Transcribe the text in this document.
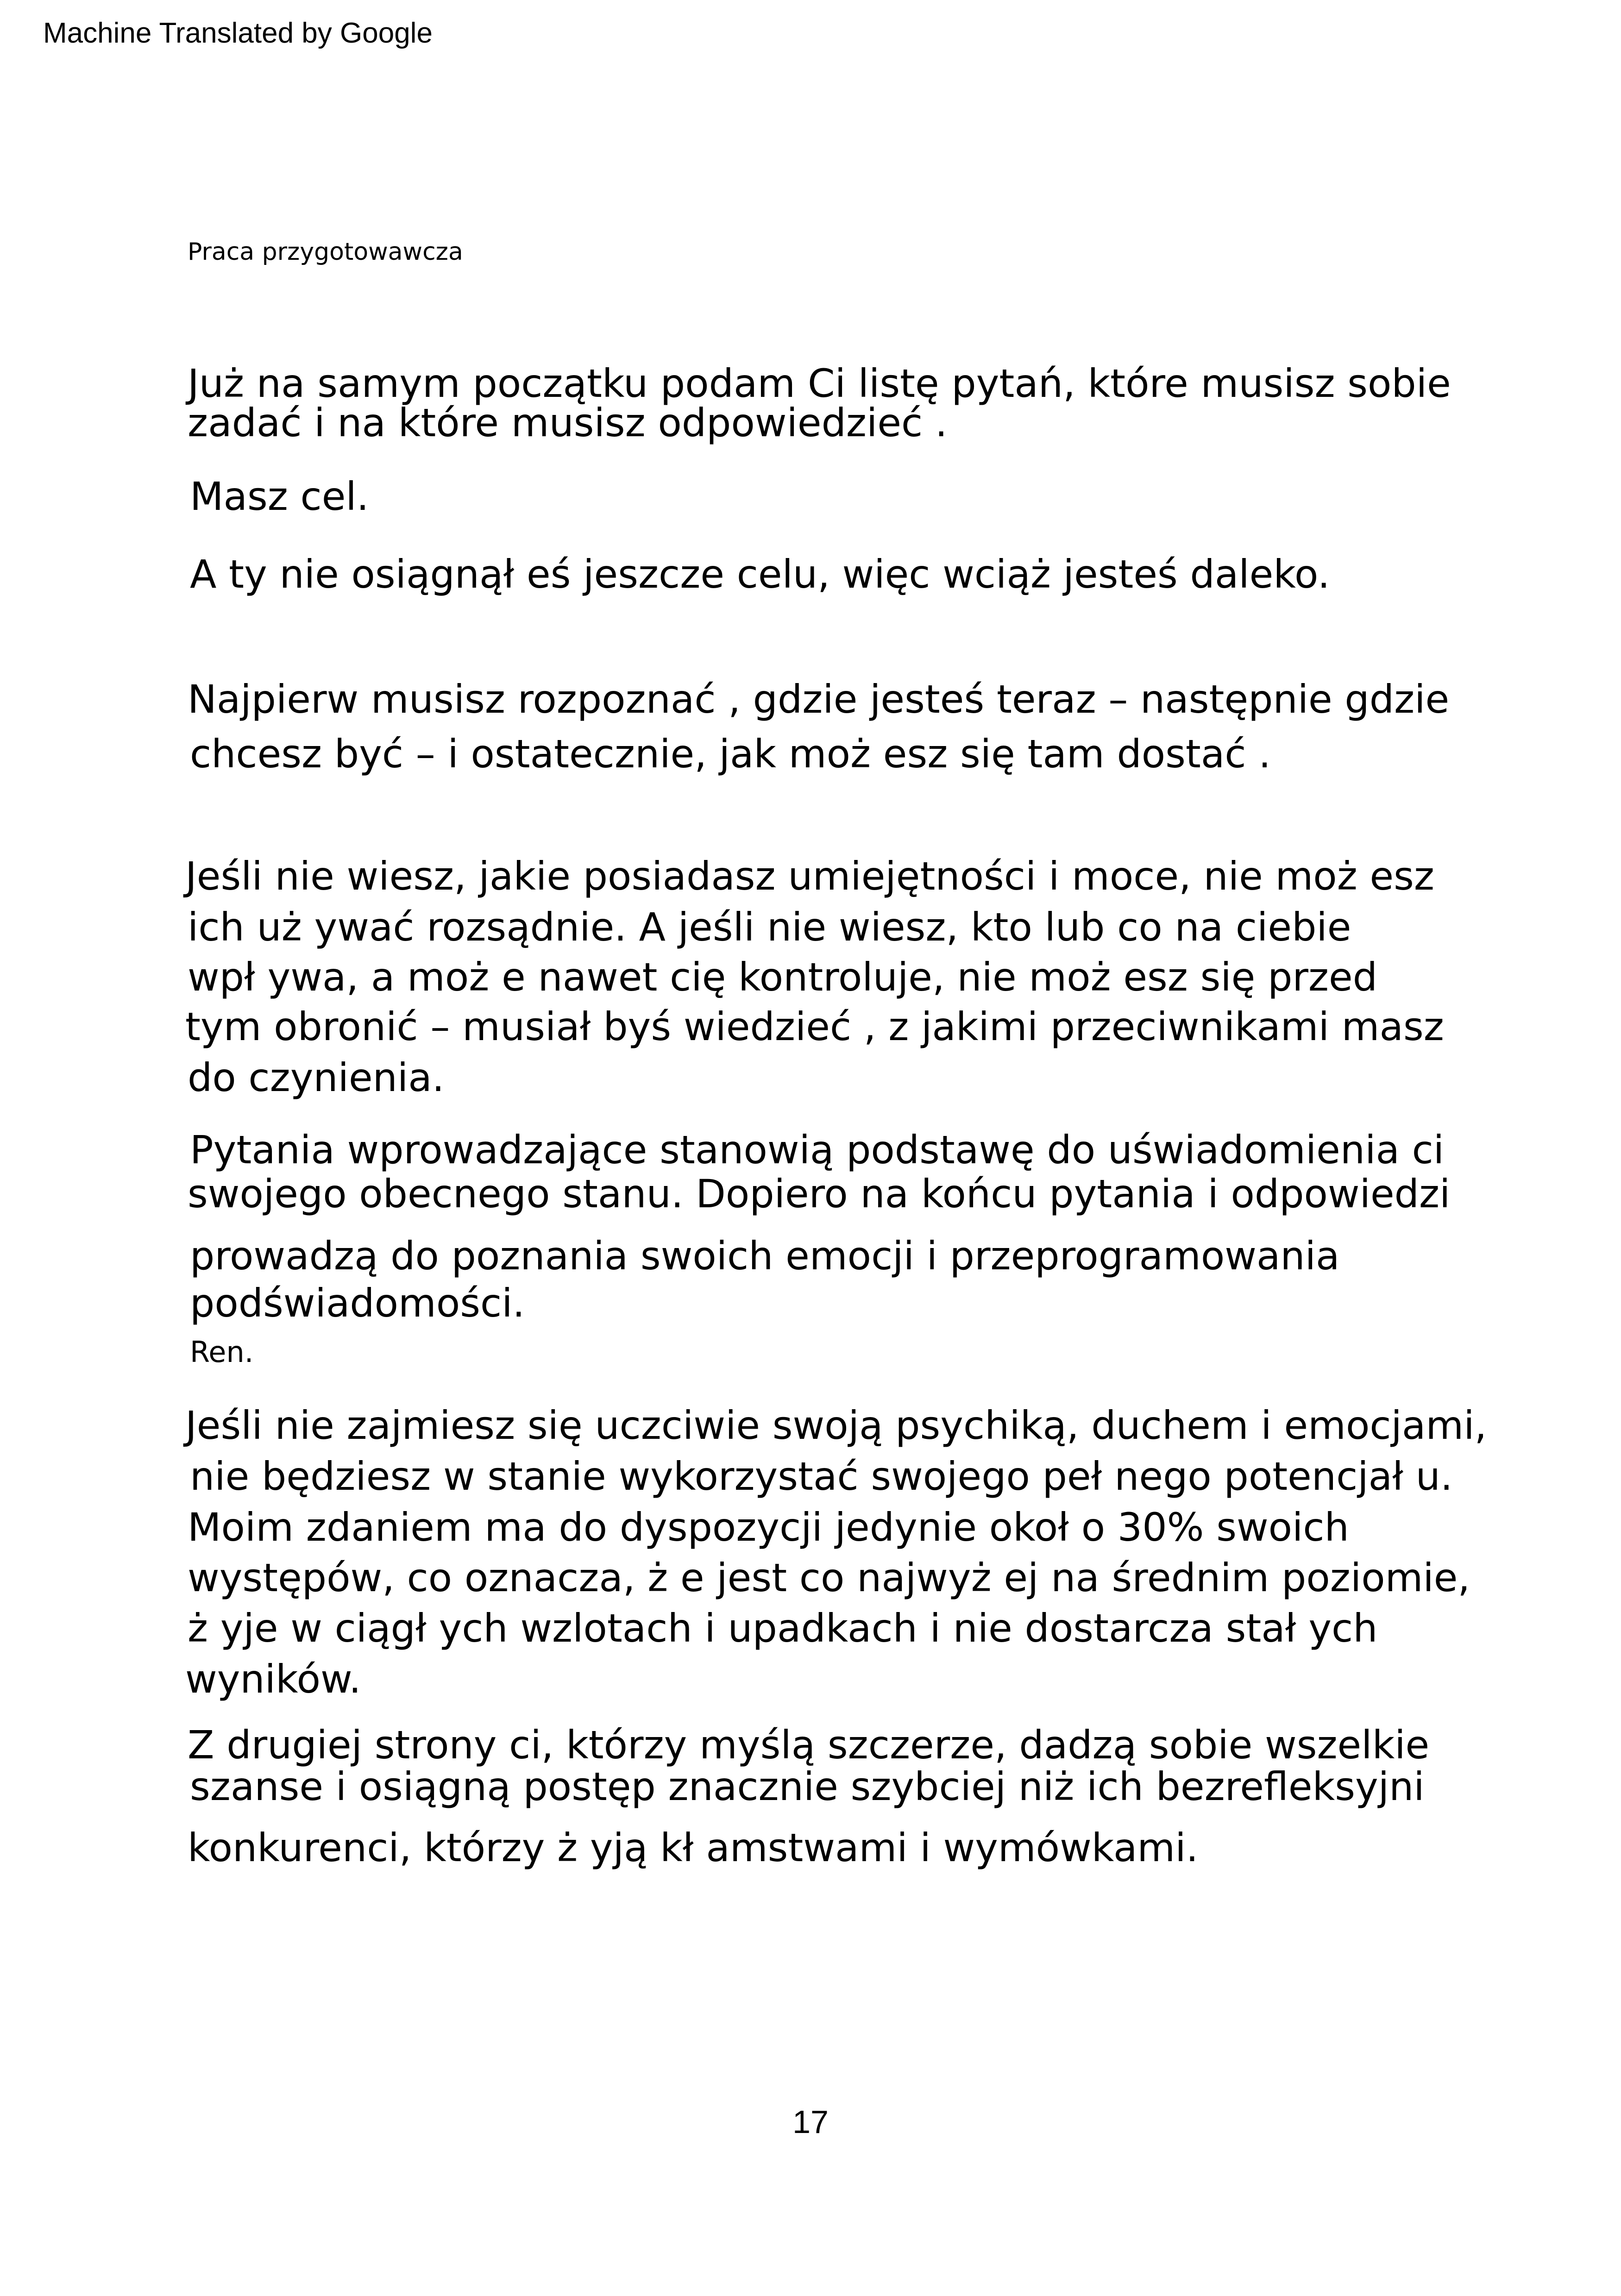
Machine Translated by Google
Praca przygotowawcza
Już na samym początku podam Ci listę pytań, które musisz sobie
zadać i na które musisz odpowiedzieć .
Masz cel.
A ty nie osiągnął eś jeszcze celu, więc wciąż jesteś daleko.
Najpierw musisz rozpoznać , gdzie jesteś teraz – następnie gdzie
chcesz być – i ostatecznie, jak moż esz się tam dostać .
Jeśli nie wiesz, jakie posiadasz umiejętności i moce, nie moż esz
ich uż ywać rozsądnie. A jeśli nie wiesz, kto lub co na ciebie
wpł ywa, a moż e nawet cię kontroluje, nie moż esz się przed
tym obronić – musiał byś wiedzieć , z jakimi przeciwnikami masz
do czynienia.
Pytania wprowadzające stanowią podstawę do uświadomienia ci
swojego obecnego stanu. Dopiero na końcu pytania i odpowiedzi
prowadzą do poznania swoich emocji i przeprogramowania
podświadomości.
Ren.
Jeśli nie zajmiesz się uczciwie swoją psychiką, duchem i emocjami,
nie będziesz w stanie wykorzystać swojego peł nego potencjał u.
Moim zdaniem ma do dyspozycji jedynie okoł o 30% swoich
występów, co oznacza, ż e jest co najwyż ej na średnim poziomie,
ż yje w ciągł ych wzlotach i upadkach i nie dostarcza stał ych
wyników.
Z drugiej strony ci, którzy myślą szczerze, dadzą sobie wszelkie
szanse i osiągną postęp znacznie szybciej niż ich bezrefleksyjni
konkurenci, którzy ż yją kł amstwami i wymówkami.
17
